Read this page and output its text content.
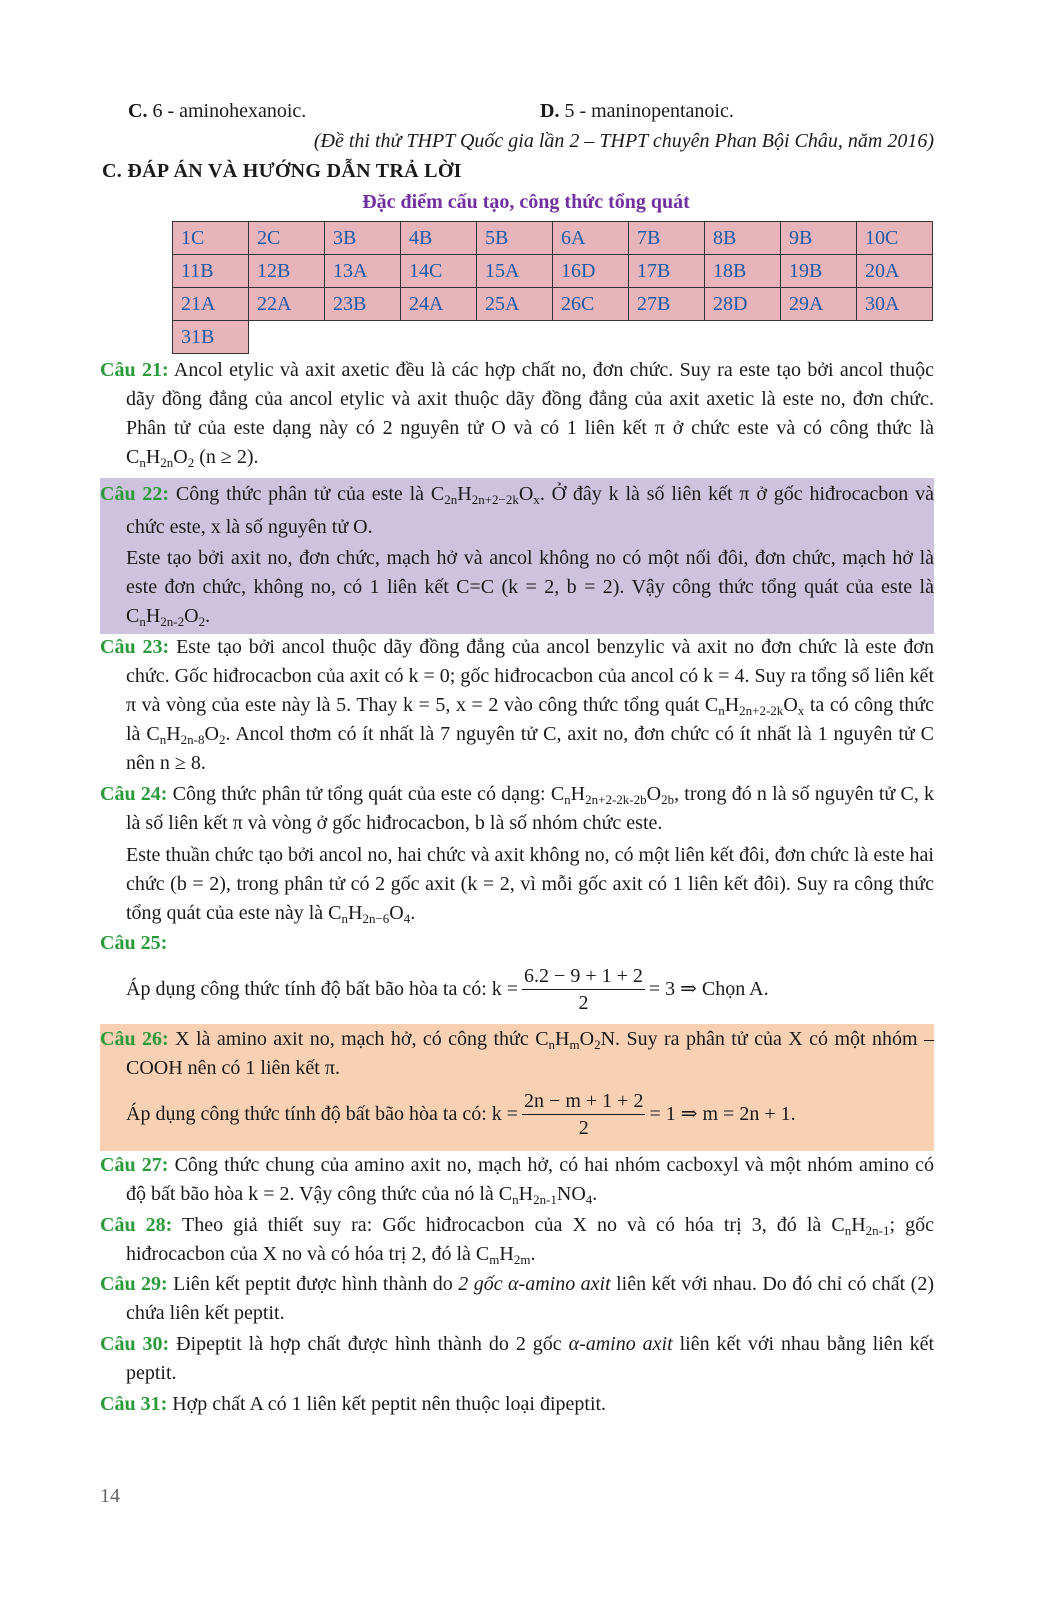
C. 6 - aminohexanoic.	D. 5 - maninopentanoic.
(Đề thi thử THPT Quốc gia lần 2 – THPT chuyên Phan Bội Châu, năm 2016)
C. ĐÁP ÁN VÀ HƯỚNG DẪN TRẢ LỜI
Đặc điểm cấu tạo, công thức tổng quát
1C	2C	3B	4B	5B	6A	7B	8B	9B	10C
11B	12B	13A	14C	15A	16D	17B	18B	19B	20A
21A	22A	23B	24A	25A	26C	27B	28D	29A	30A
31B									

Câu 21: Ancol etylic và axit axetic đều là các hợp chất no, đơn chức. Suy ra este tạo bởi ancol thuộc dãy đồng đẳng của ancol etylic và axit thuộc dãy đồng đẳng của axit axetic là este no, đơn chức. Phân tử của este dạng này có 2 nguyên tử O và có 1 liên kết π ở chức este và có công thức là $C_nH_{2n}O_2$ (n ≥ 2).

Câu 22: Công thức phân tử của este là $C_{2n}H_{2n+2-2k}O_x$. Ở đây k là số liên kết π ở gốc hiđrocacbon và chức este, x là số nguyên tử O.

Este tạo bởi axit no, đơn chức, mạch hở và ancol không no có một nối đôi, đơn chức, mạch hở là este đơn chức, không no, có 1 liên kết C=C (k = 2, b = 2). Vậy công thức tổng quát của este là $C_nH_{2n-2}O_2$.

Câu 23: Este tạo bởi ancol thuộc dãy đồng đẳng của ancol benzylic và axit no đơn chức là este đơn chức. Gốc hiđrocacbon của axit có k = 0; gốc hiđrocacbon của ancol có k = 4. Suy ra tổng số liên kết π và vòng của este này là 5. Thay k = 5, x = 2 vào công thức tổng quát $C_nH_{2n+2-2k}O_x$ ta có công thức là $C_nH_{2n-8}O_2$. Ancol thơm có ít nhất là 7 nguyên tử C, axit no, đơn chức có ít nhất là 1 nguyên tử C nên n ≥ 8.

Câu 24: Công thức phân tử tổng quát của este có dạng: $C_nH_{2n+2-2k-2b}O_{2b}$, trong đó n là số nguyên tử C, k là số liên kết π và vòng ở gốc hiđrocacbon, b là số nhóm chức este.

Este thuần chức tạo bởi ancol no, hai chức và axit không no, có một liên kết đôi, đơn chức là este hai chức (b = 2), trong phân tử có 2 gốc axit (k = 2, vì mỗi gốc axit có 1 liên kết đôi). Suy ra công thức tổng quát của este này là $C_nH_{2n-6}O_4$.

Câu 25:

Áp dụng công thức tính độ bất bão hòa ta có:
$k = \frac{6.2 - 9 + 1 + 2}{2} = 3$ ⇒ Chọn A.

Câu 26: X là amino axit no, mạch hở, có công thức $C_nH_mO_2N$. Suy ra phân tử của X có một nhóm –COOH nên có 1 liên kết π.

Áp dụng công thức tính độ bất bão hòa ta có:
$k = \frac{2n - m + 1 + 2}{2} = 1$ ⇒ m = 2n + 1.

Câu 27: Công thức chung của amino axit no, mạch hở, có hai nhóm cacboxyl và một nhóm amino có độ bất bão hòa k = 2. Vậy công thức của nó là $C_nH_{2n-1}NO_4$.

Câu 28: Theo giả thiết suy ra: Gốc hiđrocacbon của X no và có hóa trị 3, đó là $C_nH_{2n-1}$; gốc hiđrocacbon của X no và có hóa trị 2, đó là $C_mH_{2m}$.

Câu 29: Liên kết peptit được hình thành do 2 gốc α-amino axit liên kết với nhau. Do đó chỉ có chất (2) chứa liên kết peptit.

Câu 30: Đipeptit là hợp chất được hình thành do 2 gốc α-amino axit liên kết với nhau bằng liên kết peptit.

Câu 31: Hợp chất A có 1 liên kết peptit nên thuộc loại đipeptit.

14
